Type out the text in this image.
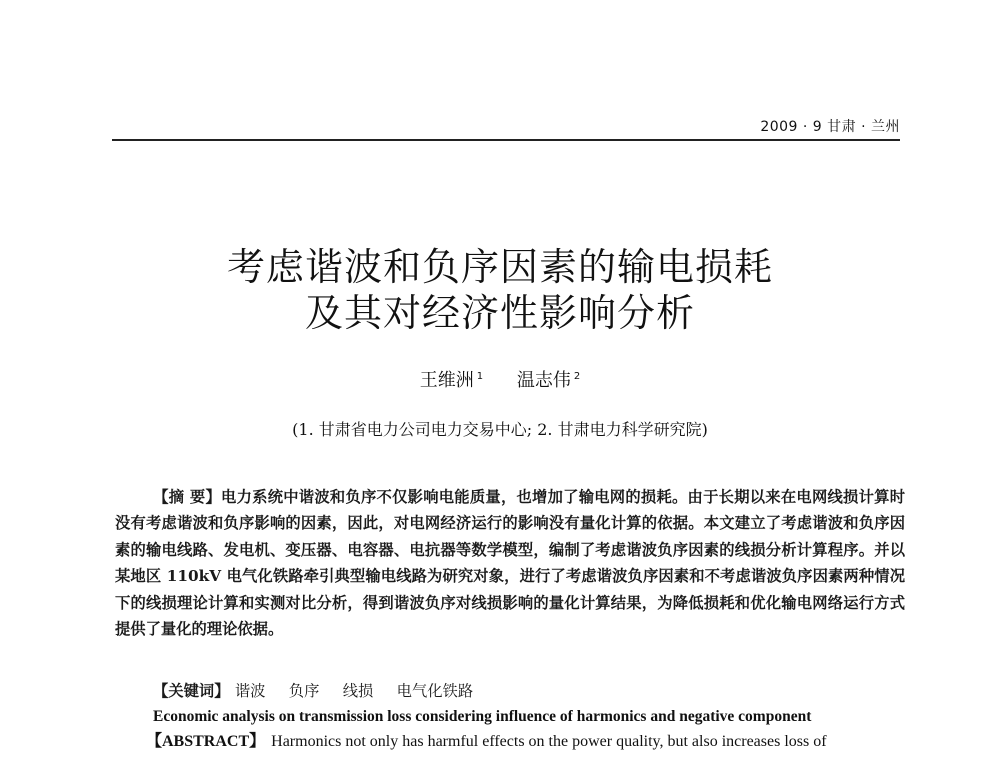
2009 · 9 甘肃 · 兰州
考虑谐波和负序因素的输电损耗
及其对经济性影响分析
王维洲 $^1$ 温志伟 $^2$
(1. 甘肃省电力公司电力交易中心; 2. 甘肃电力科学研究院)
【摘 要】电力系统中谐波和负序不仅影响电能质量，也增加了输电网的损耗。由于长期以来在电网线损计算时没有考虑谐波和负序影响的因素，因此，对电网经济运行的影响没有量化计算的依据。本文建立了考虑谐波和负序因素的输电线路、发电机、变压器、电容器、电抗器等数学模型，编制了考虑谐波负序因素的线损分析计算程序。并以某地区 110kV 电气化铁路牵引典型输电线路为研究对象，进行了考虑谐波负序因素和不考虑谐波负序因素两种情况下的线损理论计算和实测对比分析，得到谐波负序对线损影响的量化计算结果，为降低损耗和优化输电网络运行方式提供了量化的理论依据。
【关键词】 谐波 负序 线损 电气化铁路
Economic analysis on transmission loss considering influence of harmonics and negative component
【ABSTRACT】 Harmonics not only has harmful effects on the power quality, but also increases loss of
